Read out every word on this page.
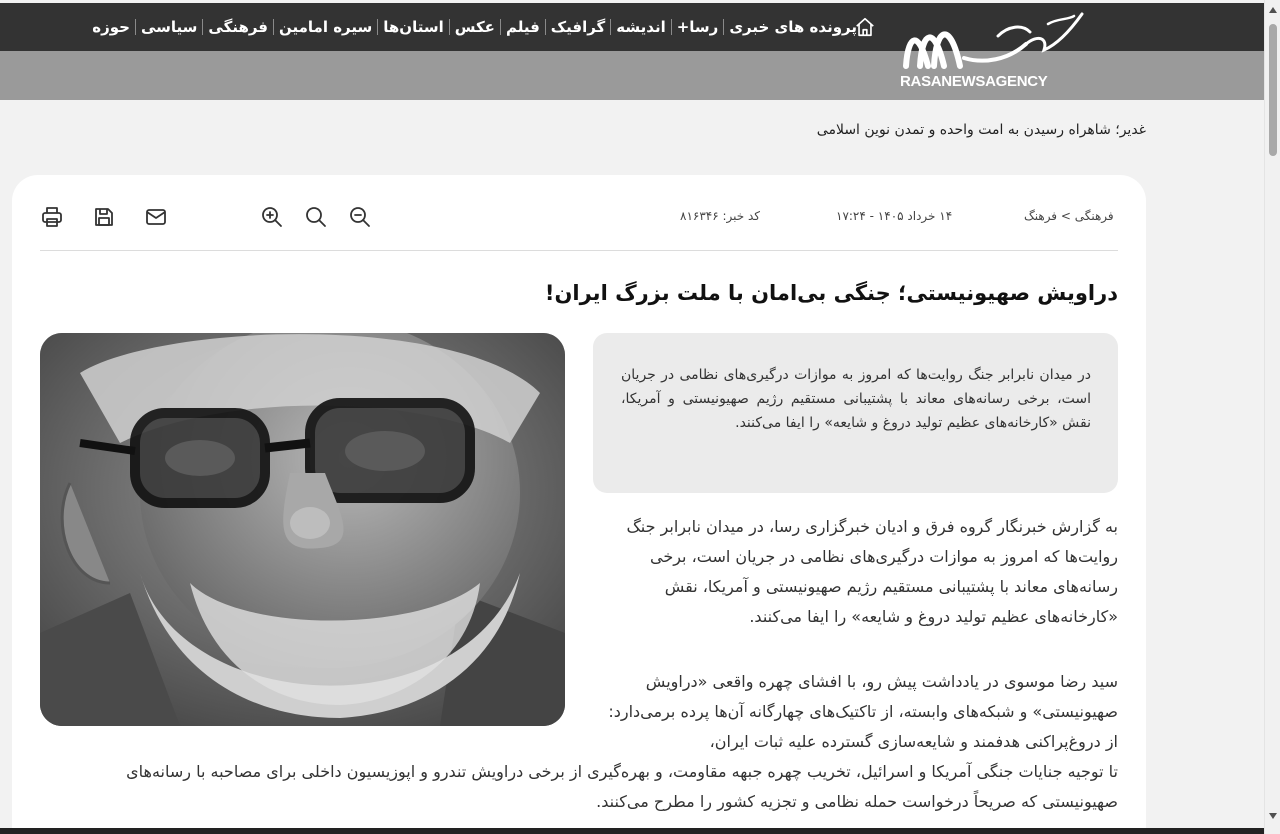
حوزه سیاسی فرهنگی سیره امامین استان‌ها عکس فیلم گرافیک اندیشه رسا+ پرونده های خبری
RASANEWSAGENCY
غدیر؛ شاهراه رسیدن به امت واحده و تمدن نوین اسلامی
کد خبر: ۸۱۶۳۴۶	۱۴ خرداد ۱۴۰۵ - ۱۷:۲۴	فرهنگی > فرهنگ
دراویش صهیونیستی؛ جنگی بی‌امان با ملت بزرگ ایران!

در میدان نابرابر جنگ روایت‌ها که امروز به موازات درگیری‌های نظامی در جریان است، برخی رسانه‌های معاند با پشتیبانی مستقیم رژیم صهیونیستی و آمریکا، نقش «کارخانه‌های عظیم تولید دروغ و شایعه» را ایفا می‌کنند.

به گزارش خبرنگار گروه فرق و ادیان خبرگزاری رسا، در میدان نابرابر جنگ روایت‌ها که امروز به موازات درگیری‌های نظامی در جریان است، برخی رسانه‌های معاند با پشتیبانی مستقیم رژیم صهیونیستی و آمریکا، نقش «کارخانه‌های عظیم تولید دروغ و شایعه» را ایفا می‌کنند.

سید رضا موسوی در یادداشت پیش رو، با افشای چهره واقعی «دراویش صهیونیستی» و شبکه‌های وابسته، از تاکتیک‌های چهارگانه آن‌ها پرده برمی‌دارد: از دروغ‌پراکنی هدفمند و شایعه‌سازی گسترده علیه ثبات ایران،

تا توجیه جنایات جنگی آمریکا و اسرائیل، تخریب چهره جبهه مقاومت، و بهره‌گیری از برخی دراویش تندرو و اپوزیسیون داخلی برای مصاحبه با رسانه‌های صهیونیستی که صریحاً درخواست حمله نظامی و تجزیه کشور را مطرح می‌کنند.
